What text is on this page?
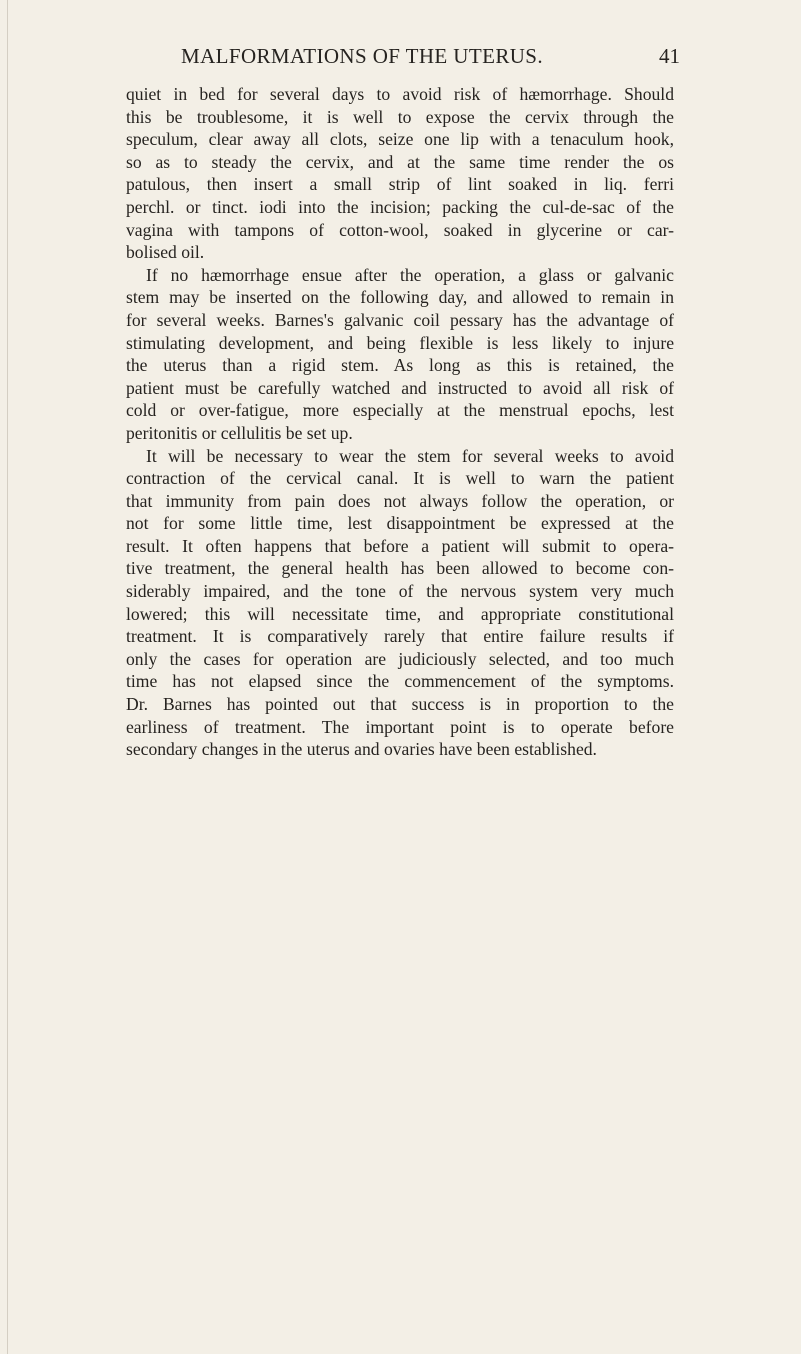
MALFORMATIONS OF THE UTERUS.	41
quiet in bed for several days to avoid risk of hæmorrhage. Should
this be troublesome, it is well to expose the cervix through the
speculum, clear away all clots, seize one lip with a tenaculum hook,
so as to steady the cervix, and at the same time render the os
patulous, then insert a small strip of lint soaked in liq. ferri
perchl. or tinct. iodi into the incision; packing the cul-de-sac of the
vagina with tampons of cotton-wool, soaked in glycerine or car-
bolised oil.
If no hæmorrhage ensue after the operation, a glass or galvanic
stem may be inserted on the following day, and allowed to remain in
for several weeks. Barnes's galvanic coil pessary has the advantage of
stimulating development, and being flexible is less likely to injure
the uterus than a rigid stem. As long as this is retained, the
patient must be carefully watched and instructed to avoid all risk of
cold or over-fatigue, more especially at the menstrual epochs, lest
peritonitis or cellulitis be set up.
It will be necessary to wear the stem for several weeks to avoid
contraction of the cervical canal. It is well to warn the patient
that immunity from pain does not always follow the operation, or
not for some little time, lest disappointment be expressed at the
result. It often happens that before a patient will submit to opera-
tive treatment, the general health has been allowed to become con-
siderably impaired, and the tone of the nervous system very much
lowered; this will necessitate time, and appropriate constitutional
treatment. It is comparatively rarely that entire failure results if
only the cases for operation are judiciously selected, and too much
time has not elapsed since the commencement of the symptoms.
Dr. Barnes has pointed out that success is in proportion to the
earliness of treatment. The important point is to operate before
secondary changes in the uterus and ovaries have been established.
